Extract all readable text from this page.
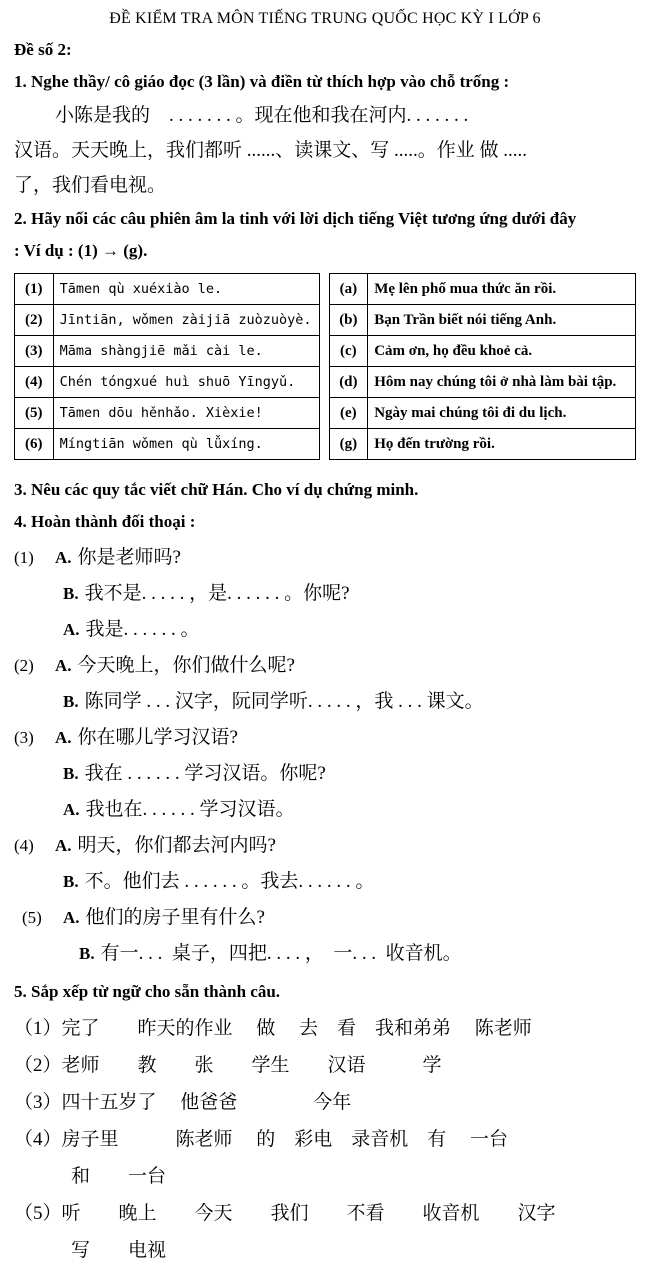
ĐỀ KIỂM TRA MÔN TIẾNG TRUNG QUỐC HỌC KỲ I LỚP 6
Đề số 2:
1. Nghe thầy/ cô giáo đọc (3 lần) và điền từ thích hợp vào chỗ trống :
小陈是我的　. . . . . . . 。现在他和我在河内. . . . . . .
汉语。天天晚上，我们都听 ......、读课文、写 .....。作业 做 .....
了，我们看电视。
2. Hãy nối các câu phiên âm la tinh với lời dịch tiếng Việt tương ứng dưới đây
: Ví dụ : (1) → (g).
(1)	Tāmen qù xuéxiào le.
(2)	Jīntiān, wǒmen zàijiā zuòzuòyè.
(3)	Māma shàngjiē mǎi cài le.
(4)	Chén tóngxué huì shuō Yīngyǔ.
(5)	Tāmen dōu hěnhǎo. Xièxie!
(6)	Míngtiān wǒmen qù lǚxíng.
(a)	Mẹ lên phố mua thức ăn rồi.
(b)	Bạn Trần biết nói tiếng Anh.
(c)	Cảm ơn, họ đều khoẻ cả.
(d)	Hôm nay chúng tôi ở nhà làm bài tập.
(e)	Ngày mai chúng tôi đi du lịch.
(g)	Họ đến trường rồi.
3. Nêu các quy tắc viết chữ Hán. Cho ví dụ chứng minh.
4. Hoàn thành đối thoại :
(1)	A. 你是老师吗?
B. 我不是. . . . . ，是. . . . . . 。你呢?
A. 我是. . . . . . 。
(2)	A. 今天晚上，你们做什么呢?
B. 陈同学 . . . 汉字，阮同学听. . . . . ，我 . . . 课文。
(3)	A. 你在哪儿学习汉语?
B. 我在 . . . . . . 学习汉语。你呢?
A. 我也在. . . . . . 学习汉语。
(4)	A. 明天，你们都去河内吗?
B. 不。他们去 . . . . . . 。我去. . . . . . 。
(5)	A. 他们的房子里有什么?
B. 有一. . .  桌子，四把. . . . ，  一. . .  收音机。
5. Sắp xếp từ ngữ cho sẵn thành câu.
（1）完了　　昨天的作业　 做　 去　看　我和弟弟　 陈老师
（2）老师　　教　　张　　学生　　汉语　　　学
（3）四十五岁了　 他爸爸　　　　今年
（4）房子里　　　陈老师　 的　彩电　录音机　有　 一台
　　　和　　一台
（5）听　　晚上　　今天　　我们　　不看　　收音机　　汉字
　　　写　　电视
